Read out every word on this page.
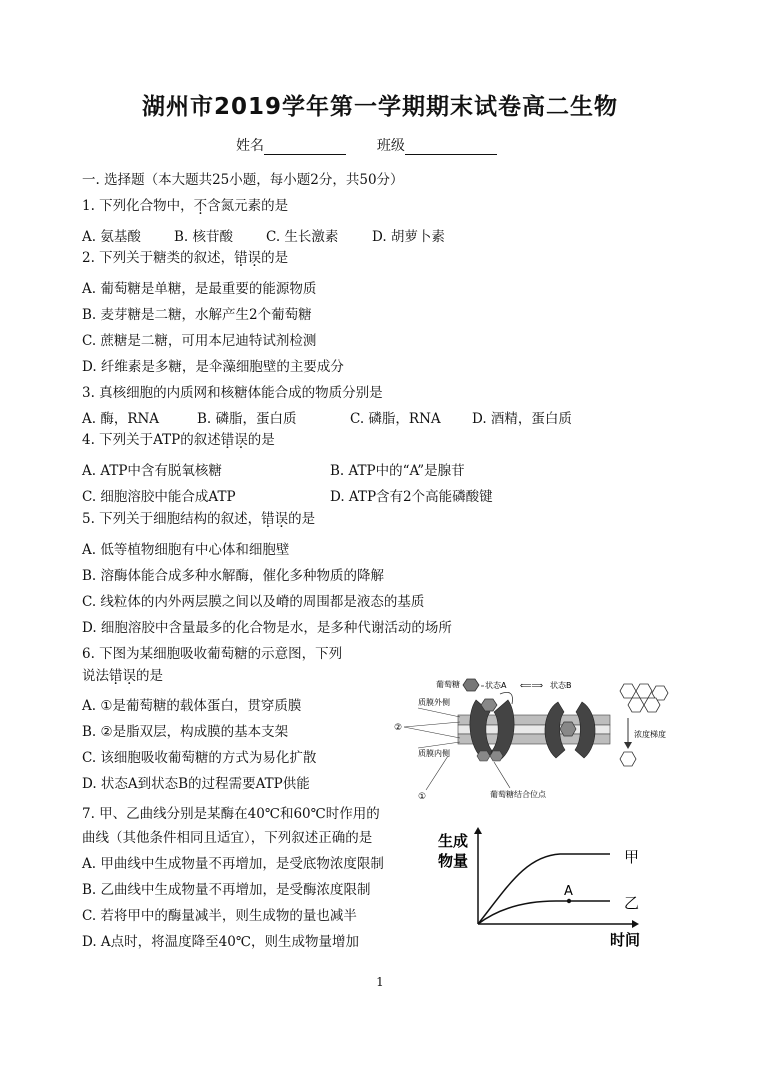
湖州市2019学年第一学期期末试卷高二生物
姓名	班级
一. 选择题（本大题共25小题，每小题2分，共50分）
1. 下列化合物中，不含氮元素的是
A. 氨基酸 B. 核苷酸 C. 生长激素 D. 胡萝卜素
2. 下列关于糖类的叙述，错误的是
A. 葡萄糖是单糖，是最重要的能源物质
B. 麦芽糖是二糖，水解产生2个葡萄糖
C. 蔗糖是二糖，可用本尼迪特试剂检测
D. 纤维素是多糖，是伞藻细胞壁的主要成分
3. 真核细胞的内质网和核糖体能合成的物质分别是
A. 酶，RNA	B. 磷脂，蛋白质	C. 磷脂，RNA D. 酒精，蛋白质
4. 下列关于ATP的叙述错误的是
A. ATP中含有脱氧核糖	B. ATP中的“A”是腺苷
C. 细胞溶胶中能合成ATP	D. ATP含有2个高能磷酸键
5. 下列关于细胞结构的叙述，错误的是
A. 低等植物细胞有中心体和细胞壁
B. 溶酶体能合成多种水解酶，催化多种物质的降解
C. 线粒体的内外两层膜之间以及嵴的周围都是液态的基质
D. 细胞溶胶中含量最多的化合物是水，是多种代谢活动的场所
6. 下图为某细胞吸收葡萄糖的示意图，下列
说法错误的是
A. ①是葡萄糖的载体蛋白，贯穿质膜
B. ②是脂双层，构成膜的基本支架
C. 该细胞吸收葡萄糖的方式为易化扩散
D. 状态A到状态B的过程需要ATP供能
葡萄糖	状态A ⟸⟹ 状态B
质膜外侧
②
质膜内侧
①	葡萄糖结合位点
浓度梯度
7. 甲、乙曲线分别是某酶在40℃和60℃时作用的
曲线（其他条件相同且适宜），下列叙述正确的是
A. 甲曲线中生成物量不再增加，是受底物浓度限制
B. 乙曲线中生成物量不再增加，是受酶浓度限制
C. 若将甲中的酶量减半，则生成物的量也减半
D. A点时，将温度降至40℃，则生成物量增加
生成
物量
A
甲
乙
时间
1
